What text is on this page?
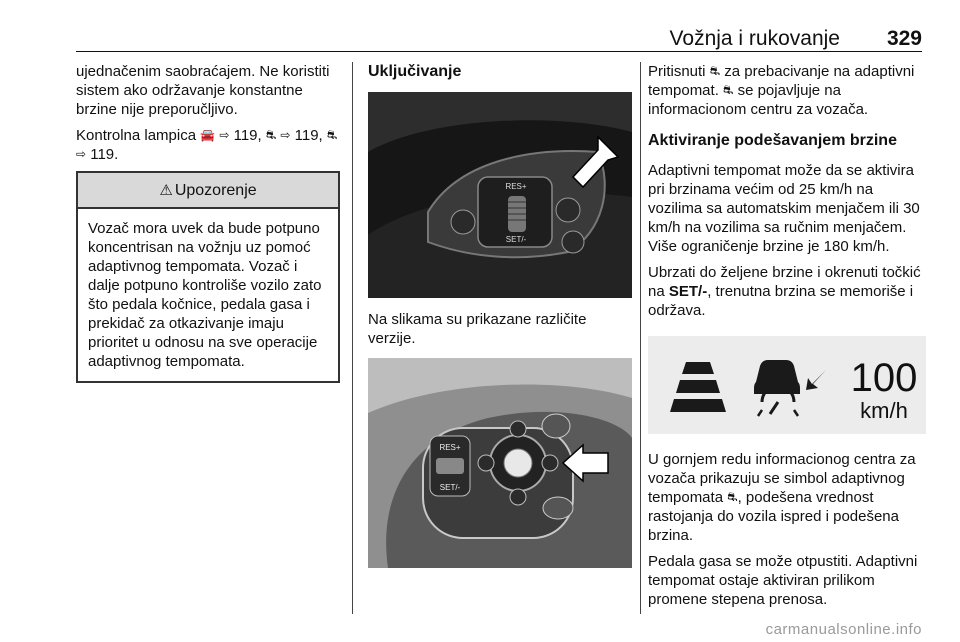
Vožnja i rukovanje 329

ujednačenim saobraćajem. Ne koristiti sistem ako održavanje konstantne brzine nije preporučljivo.

Kontrolna lampica 🚘 ⇨ 119, ⛐ ⇨ 119, ⛐ ⇨ 119.

⚠ Upozorenje
Vozač mora uvek da bude potpuno koncentrisan na vožnju uz pomoć adaptivnog tempomata. Vozač i dalje potpuno kontroliše vozilo zato što pedala kočnice, pedala gasa i prekidač za otkazivanje imaju prioritet u odnosu na sve operacije adaptivnog tempomata.
Uključivanje
RES+
SET/-

Na slikama su prikazane različite verzije.

RES+
SET/-

Pritisnuti ⛐ za prebacivanje na adaptivni tempomat. ⛐ se pojavljuje na informacionom centru za vozača.

Aktiviranje podešavanjem brzine

Adaptivni tempomat može da se aktivira pri brzinama većim od 25 km/h na vozilima sa automatskim menjačem ili 30 km/h na vozilima sa ručnim menjačem. Više ograničenje brzine je 180 km/h.

Ubrzati do željene brzine i okrenuti točkić na SET/-, trenutna brzina se memoriše i održava.

100
km/h

U gornjem redu informacionog centra za vozača prikazuju se simbol adaptivnog tempomata ⛐, podešena vrednost rastojanja do vozila ispred i podešena brzina.

Pedala gasa se može otpustiti. Adaptivni tempomat ostaje aktiviran prilikom promene stepena prenosa.

carmanualsonline.info
